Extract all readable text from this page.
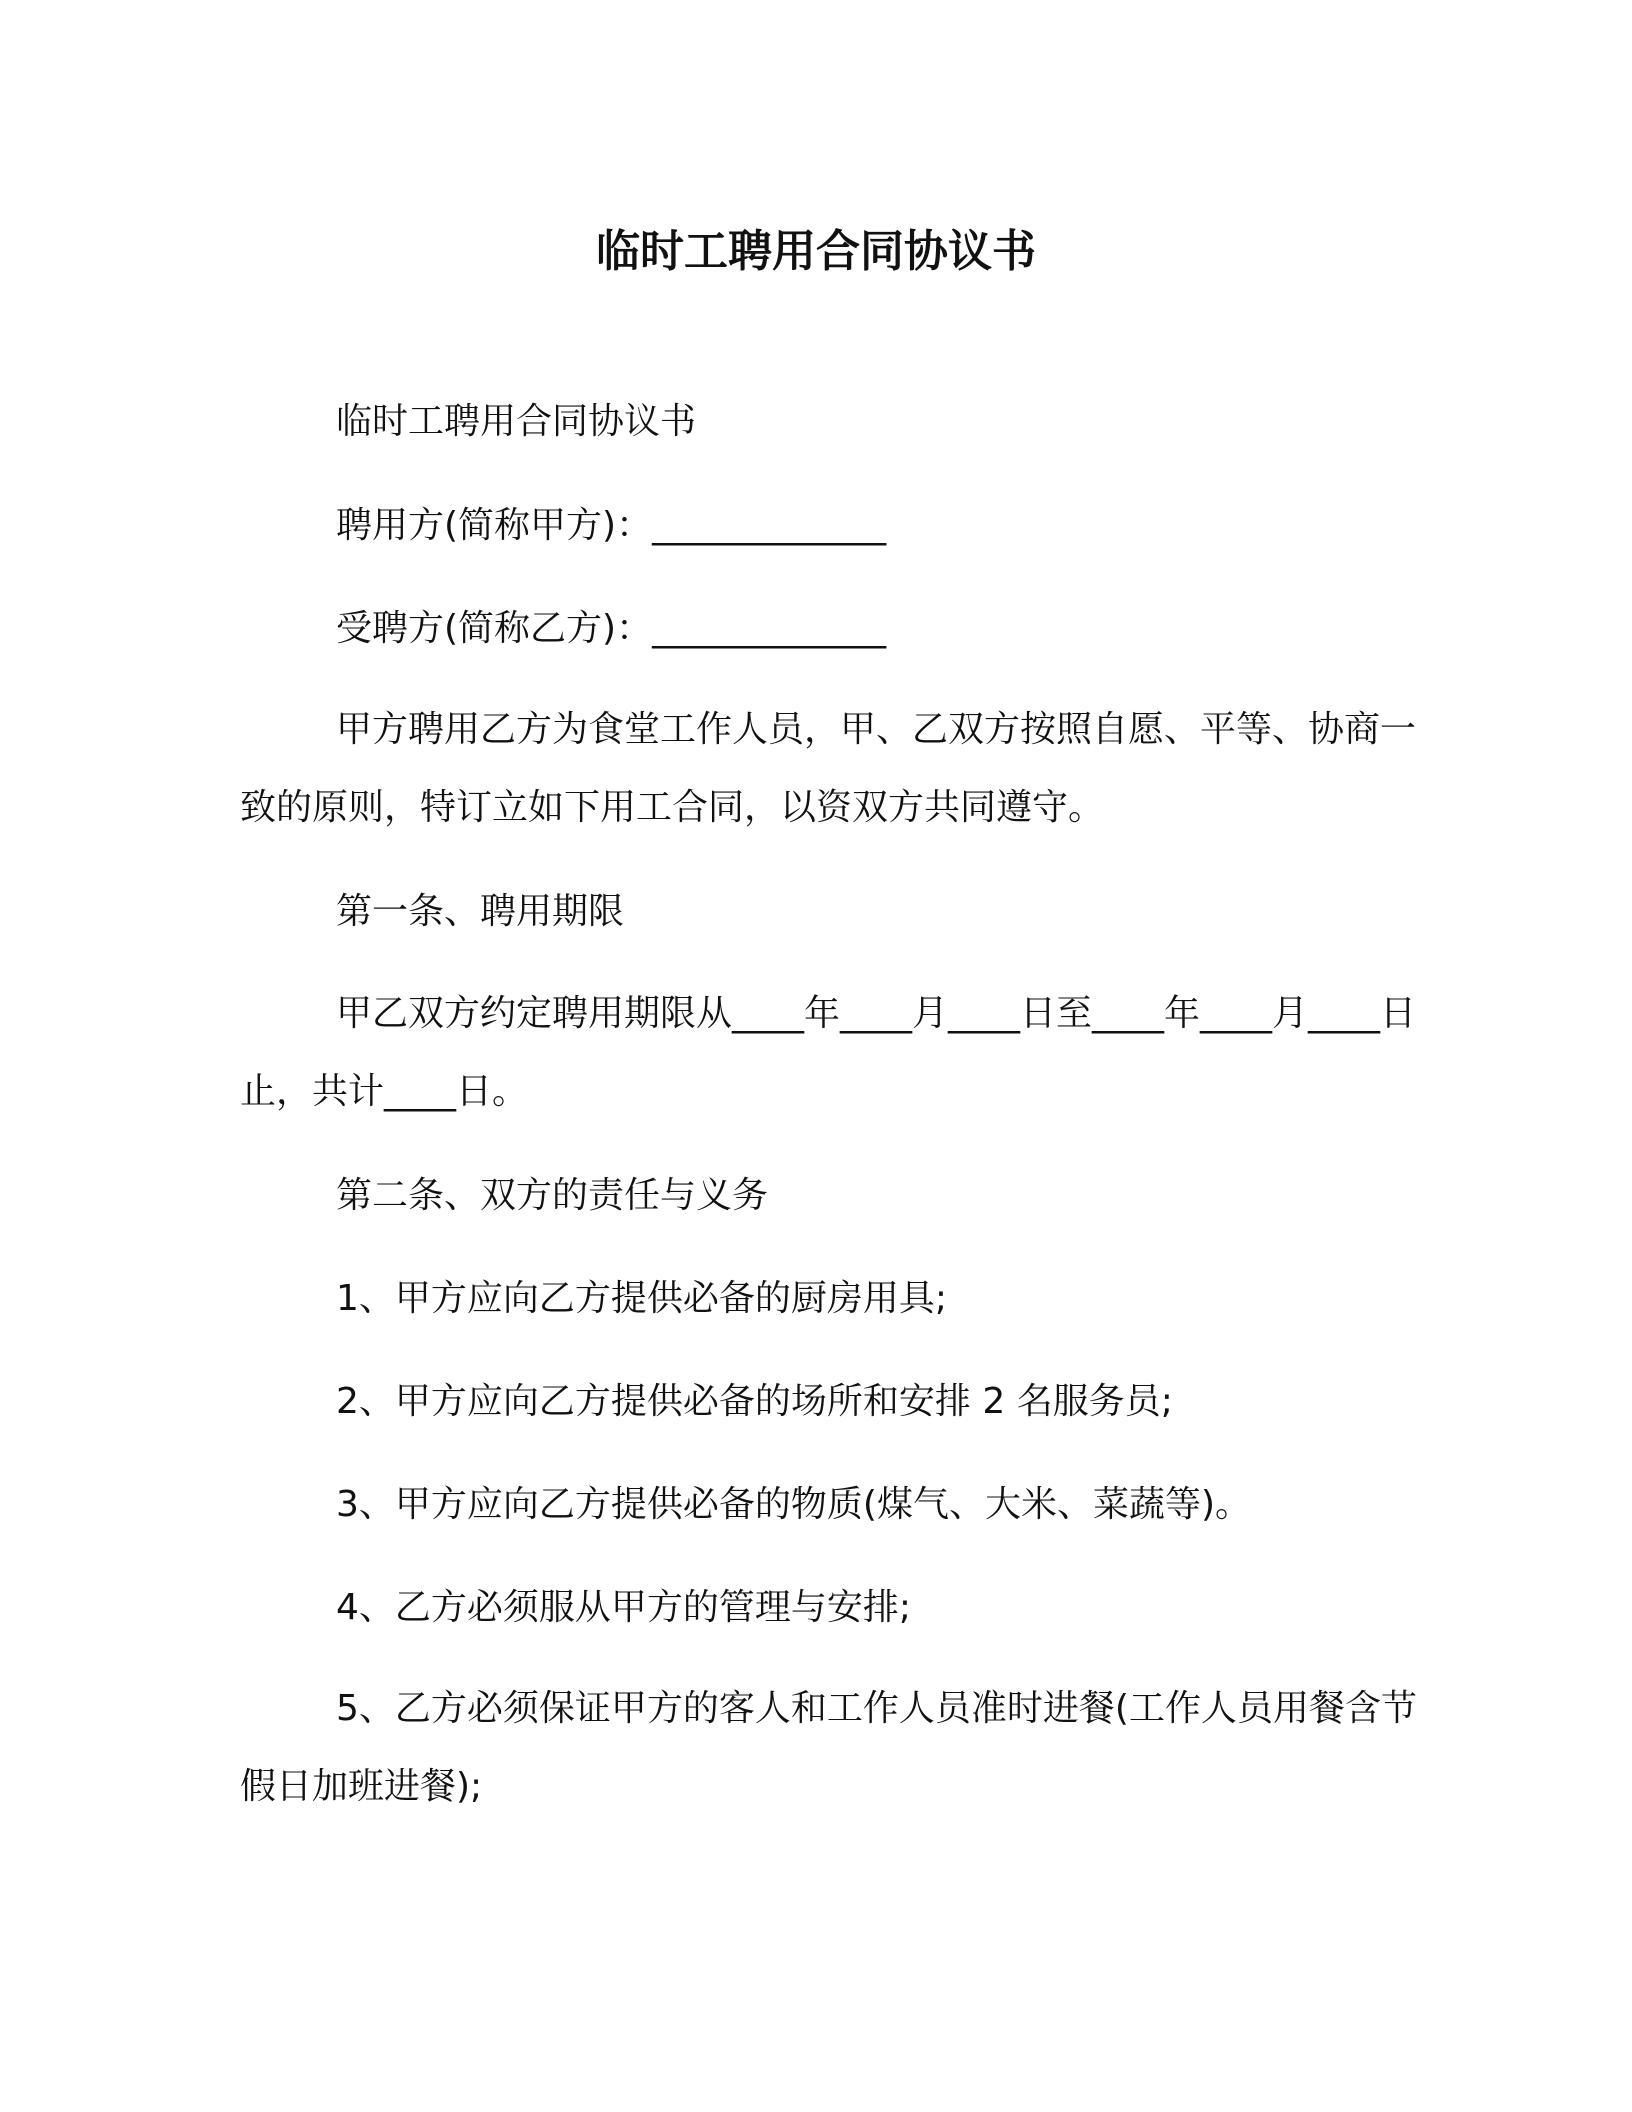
临时工聘用合同协议书

临时工聘用合同协议书

聘用方(简称甲方)：_____________

受聘方(简称乙方)：_____________

甲方聘用乙方为食堂工作人员，甲、乙双方按照自愿、平等、协商一致的原则，特订立如下用工合同，以资双方共同遵守。

第一条、聘用期限

甲乙双方约定聘用期限从____年____月____日至____年____月____日止，共计____日。

第二条、双方的责任与义务

1、甲方应向乙方提供必备的厨房用具;

2、甲方应向乙方提供必备的场所和安排 2 名服务员;

3、甲方应向乙方提供必备的物质(煤气、大米、菜蔬等)。

4、乙方必须服从甲方的管理与安排;

5、乙方必须保证甲方的客人和工作人员准时进餐(工作人员用餐含节假日加班进餐);
